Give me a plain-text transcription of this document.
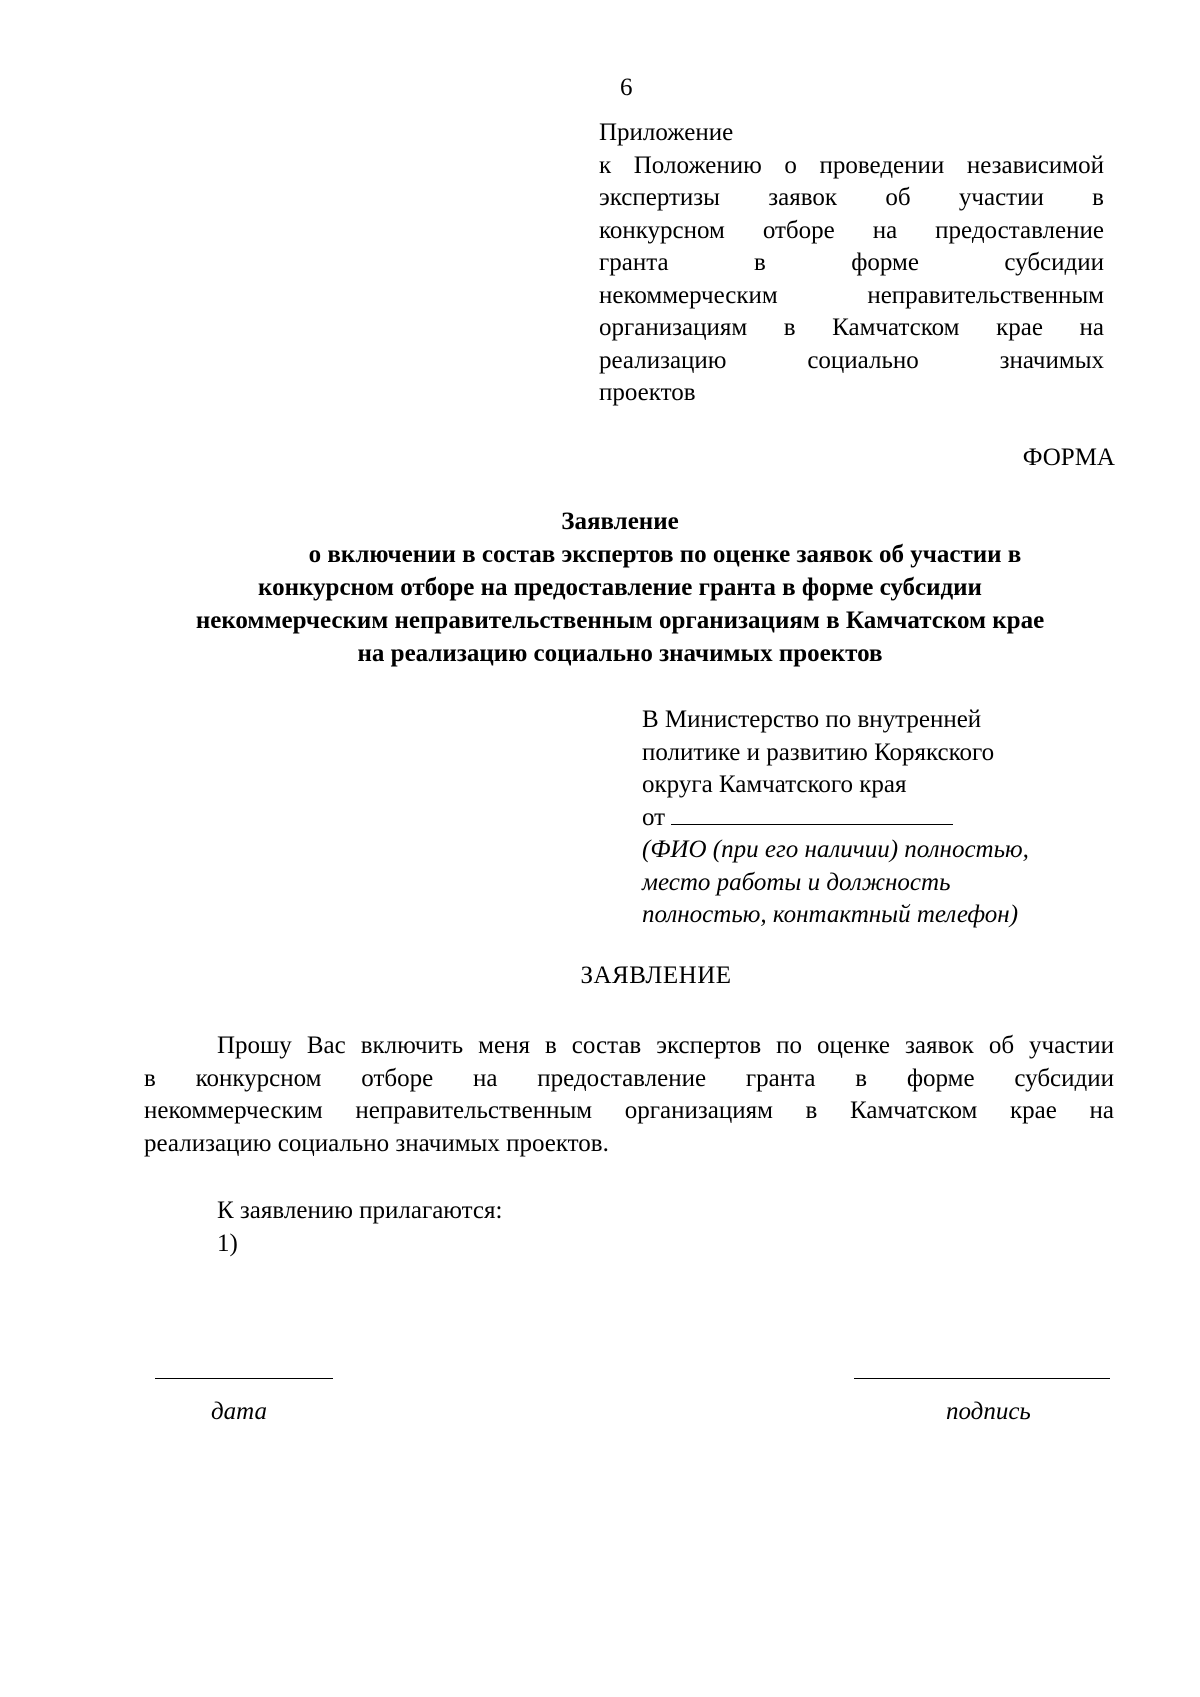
6
Приложение
к Положению о проведении независимой
экспертизы заявок об участии в
конкурсном отборе на предоставление
гранта в форме субсидии
некоммерческим неправительственным
организациям в Камчатском крае на
реализацию социально значимых
проектов
ФОРМА
Заявление
о включении в состав экспертов по оценке заявок об участии в
конкурсном отборе на предоставление гранта в форме субсидии
некоммерческим неправительственным организациям в Камчатском крае
на реализацию социально значимых проектов
В Министерство по внутренней
политике и развитию Корякского
округа Камчатского края
от
(ФИО (при его наличии) полностью,
место работы и должность
полностью, контактный телефон)
ЗАЯВЛЕНИЕ
Прошу Вас включить меня в состав экспертов по оценке заявок об участии
в конкурсном отборе на предоставление гранта в форме субсидии
некоммерческим неправительственным организациям в Камчатском крае на
реализацию социально значимых проектов.
К заявлению прилагаются:
1)
дата	подпись
